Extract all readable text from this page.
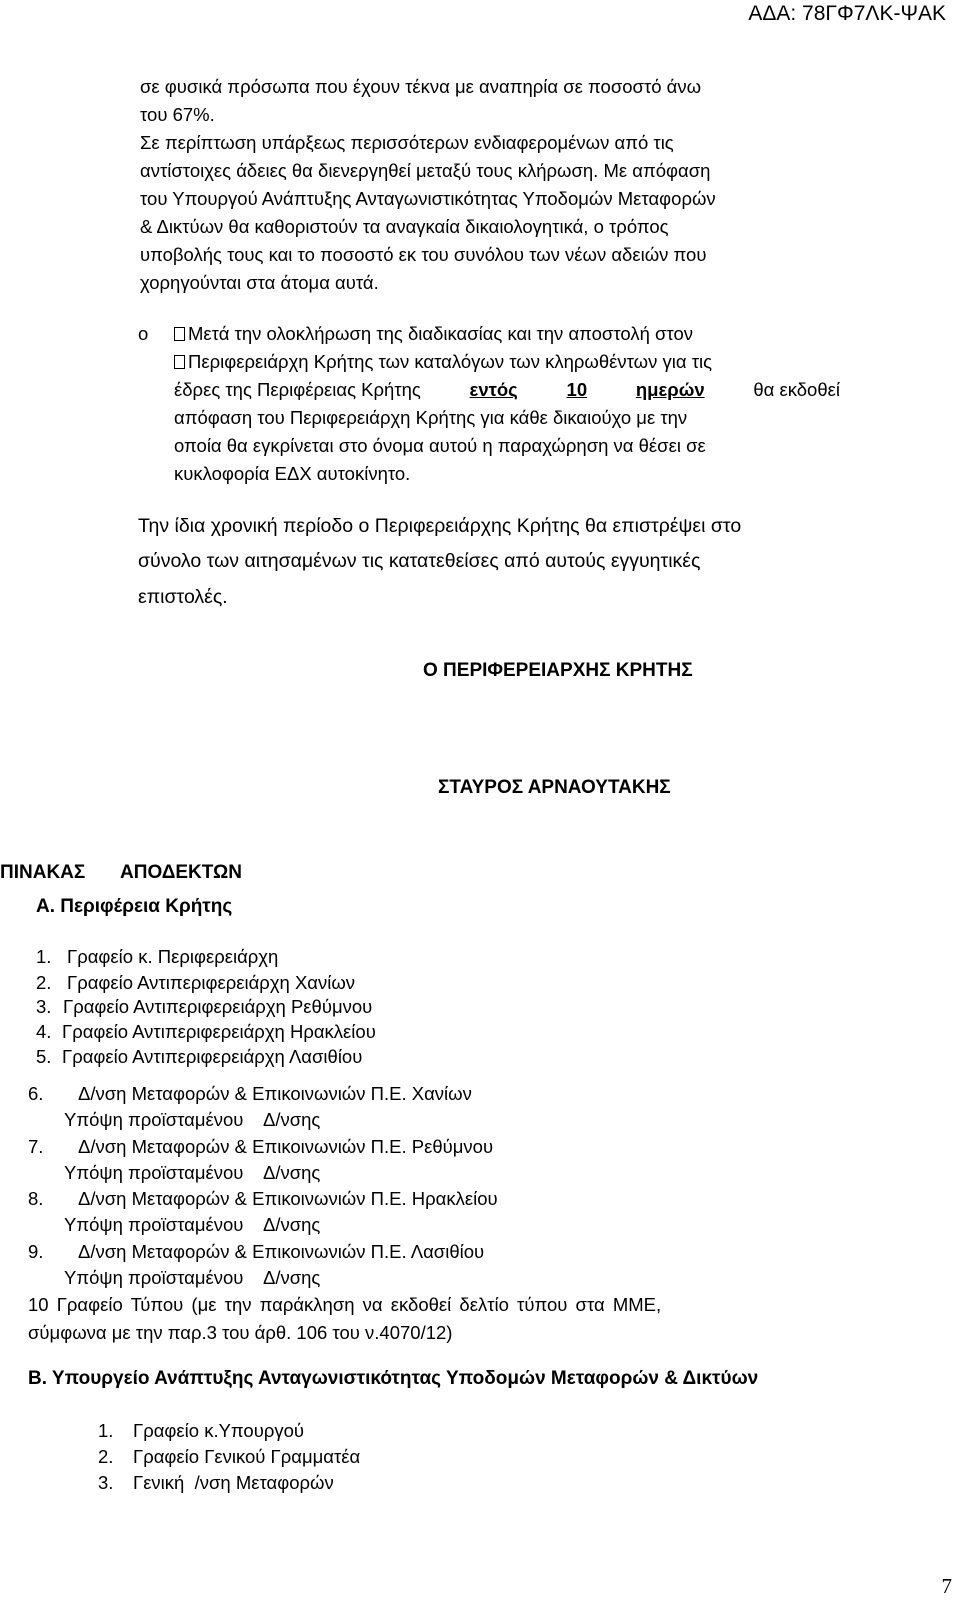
ΑΔΑ: 78ΓΦ7ΛΚ-ΨΑΚ
σε φυσικά πρόσωπα που έχουν τέκνα με αναπηρία σε ποσοστό άνω
του 67%.
Σε περίπτωση υπάρξεως περισσότερων ενδιαφερομένων από τις
αντίστοιχες άδειες θα διενεργηθεί μεταξύ τους κλήρωση. Με απόφαση
του Υπουργού Ανάπτυξης Ανταγωνιστικότητας Υποδομών Μεταφορών
& Δικτύων θα καθοριστούν τα αναγκαία δικαιολογητικά, ο τρόπος
υποβολής τους και το ποσοστό εκ του συνόλου των νέων αδειών που
χορηγούνται στα άτομα αυτά.
o	Μετά την ολοκλήρωση της διαδικασίας και την αποστολή στον
Περιφερειάρχη Κρήτης των καταλόγων των κληρωθέντων για τις
έδρες της Περιφέρειας Κρήτης	εντός	10	ημερών	θα εκδοθεί
απόφαση του Περιφερειάρχη Κρήτης για κάθε δικαιούχο με την
οποία θα εγκρίνεται στο όνομα αυτού η παραχώρηση να θέσει σε
κυκλοφορία ΕΔΧ αυτοκίνητο.
Την ίδια χρονική περίοδο ο Περιφερειάρχης Κρήτης θα επιστρέψει στο
σύνολο των αιτησαμένων τις κατατεθείσες από αυτούς εγγυητικές
επιστολές.
Ο ΠΕΡΙΦΕΡΕΙΑΡΧΗΣ ΚΡΗΤΗΣ
ΣΤΑΥΡΟΣ ΑΡΝΑΟΥΤΑΚΗΣ
ΠΙΝΑΚΑΣ ΑΠΟΔΕΚΤΩΝ
Α. Περιφέρεια Κρήτης
1. Γραφείο κ. Περιφερειάρχη
2. Γραφείο Αντιπεριφερειάρχη Χανίων
3. Γραφείο Αντιπεριφερειάρχη Ρεθύμνου
4. Γραφείο Αντιπεριφερειάρχη Ηρακλείου
5. Γραφείο Αντιπεριφερειάρχη Λασιθίου
6. Δ/νση Μεταφορών & Επικοινωνιών Π.Ε. Χανίων
Υπόψη προϊσταμένου    Δ/νσης
7. Δ/νση Μεταφορών & Επικοινωνιών Π.Ε. Ρεθύμνου
Υπόψη προϊσταμένου    Δ/νσης
8. Δ/νση Μεταφορών & Επικοινωνιών Π.Ε. Ηρακλείου
Υπόψη προϊσταμένου    Δ/νσης
9. Δ/νση Μεταφορών & Επικοινωνιών Π.Ε. Λασιθίου
Υπόψη προϊσταμένου    Δ/νσης
10 Γραφείο Τύπου (με την παράκληση να εκδοθεί δελτίο τύπου στα ΜΜΕ,
σύμφωνα με την παρ.3 του άρθ. 106 του ν.4070/12)
Β. Υπουργείο Ανάπτυξης Ανταγωνιστικότητας Υποδομών Μεταφορών & Δικτύων
1. Γραφείο κ.Υπουργού
2. Γραφείο Γενικού Γραμματέα
3. Γενική  /νση Μεταφορών
7
